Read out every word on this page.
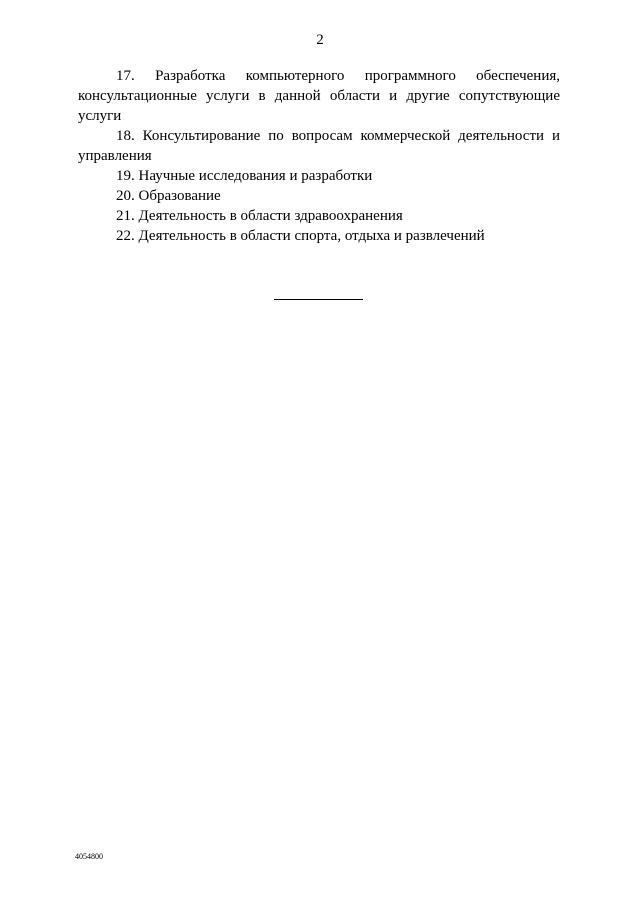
2

17. Разработка компьютерного программного обеспечения, консультационные услуги в данной области и другие сопутствующие услуги

18. Консультирование по вопросам коммерческой деятельности и управления

19. Научные исследования и разработки

20. Образование

21. Деятельность в области здравоохранения

22. Деятельность в области спорта, отдыха и развлечений

4054800
